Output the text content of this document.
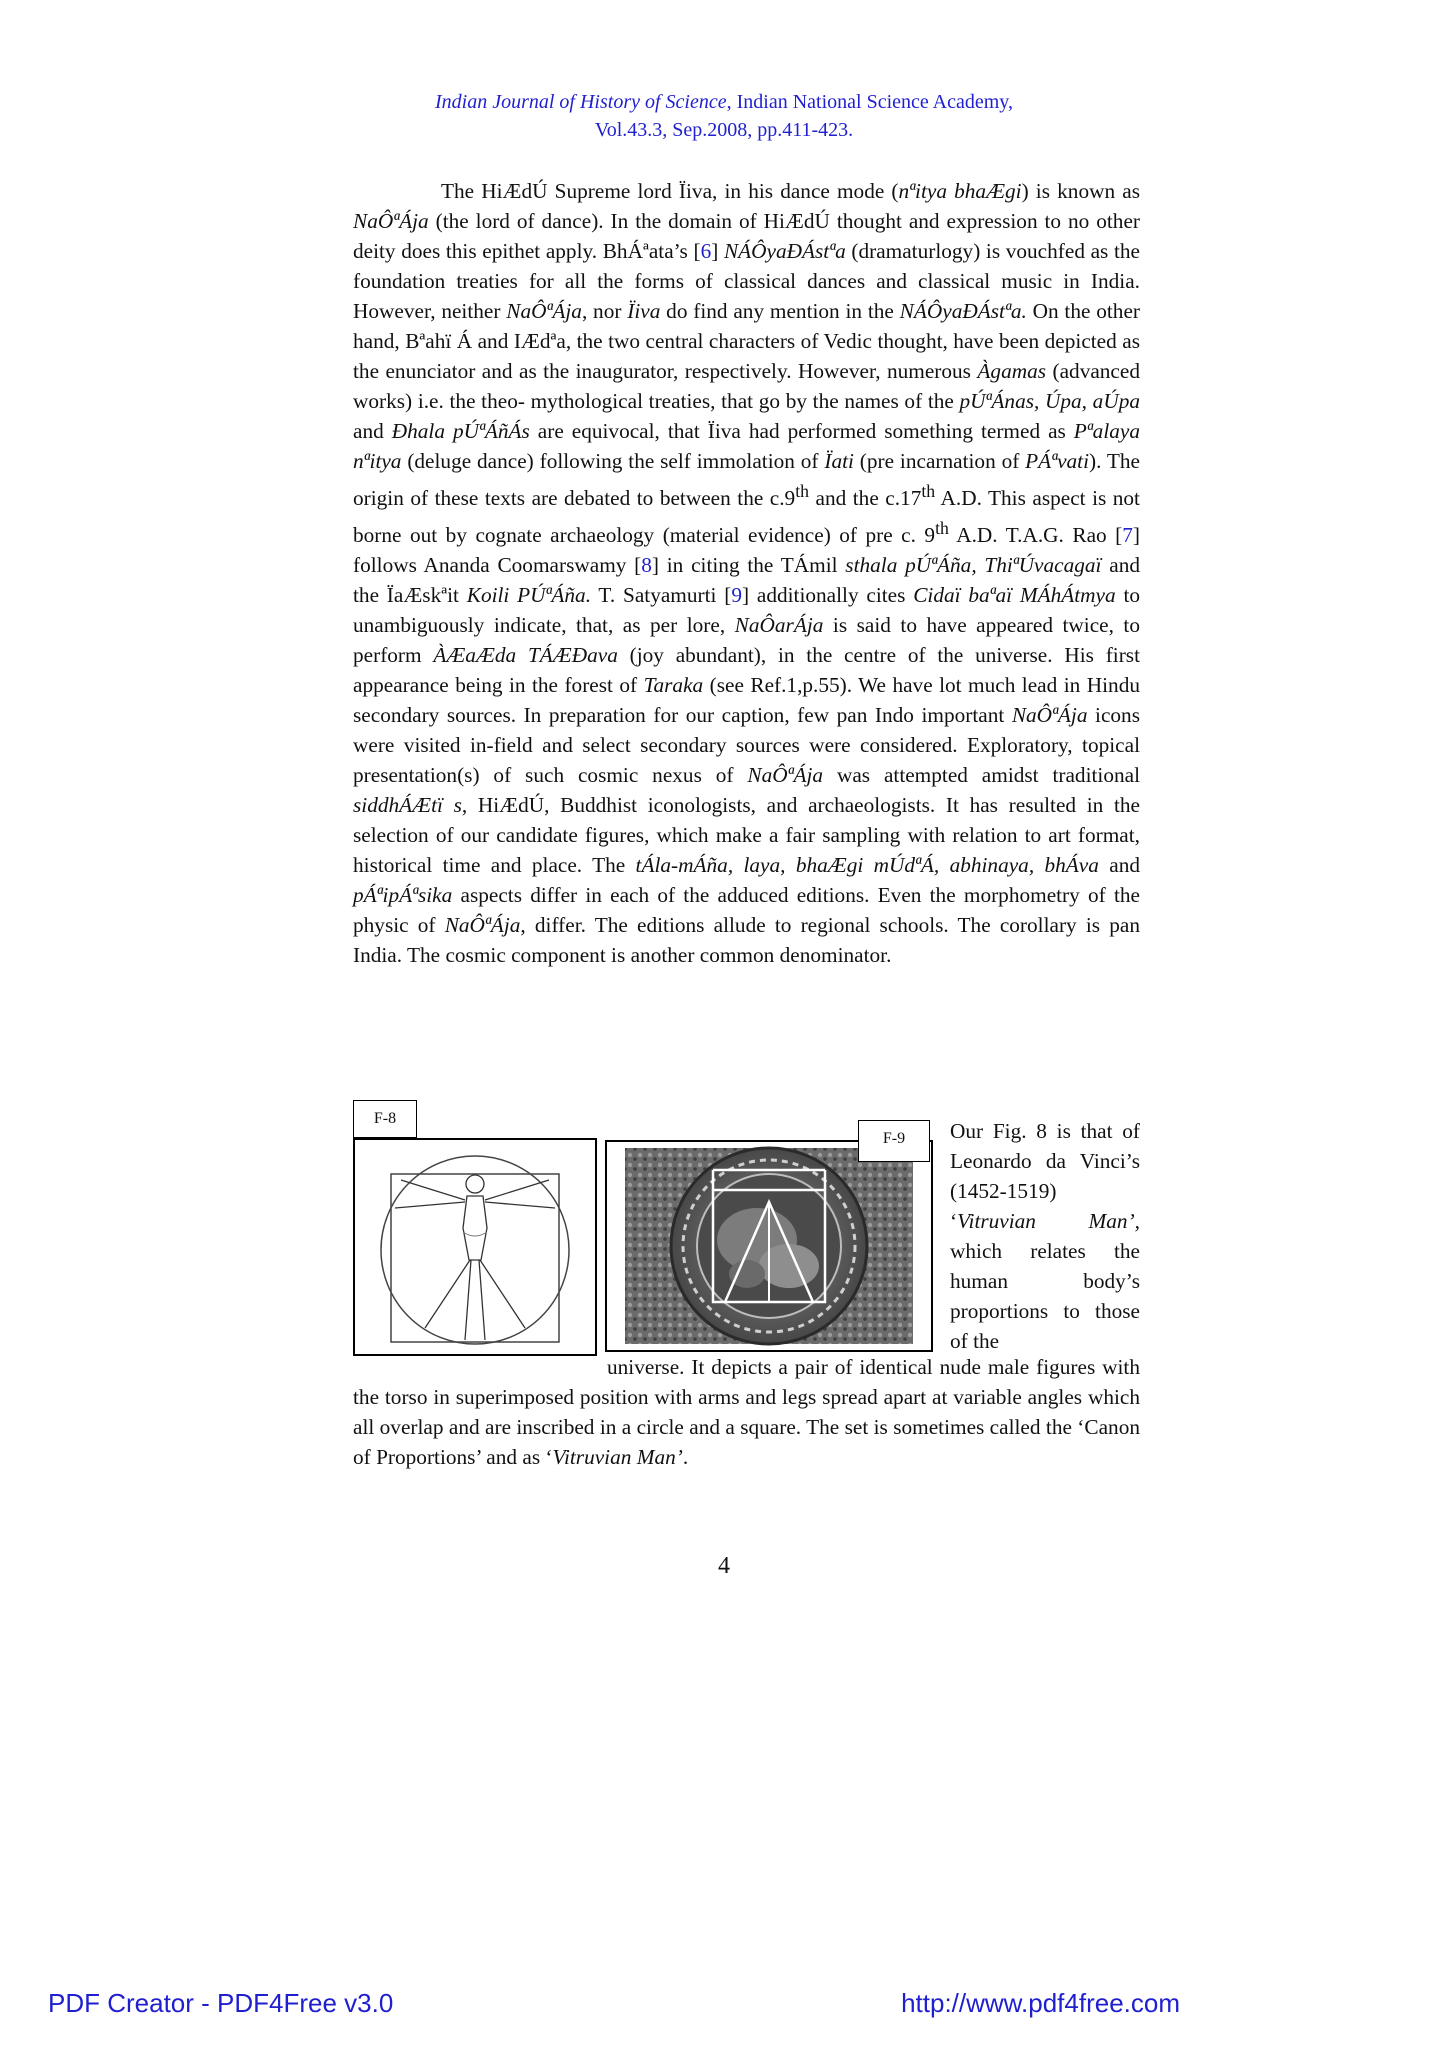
Indian Journal of History of Science, Indian National Science Academy,
Vol.43.3, Sep.2008, pp.411-423.

The HiÆdÚ Supreme lord Ïiva, in his dance mode (nªitya bhaÆgi) is known as NaÔªÁja (the lord of dance). In the domain of HiÆdÚ thought and expression to no other deity does this epithet apply. BhÁªata’s [6] NÁÔyaÐÁstªa (dramaturlogy) is vouchfed as the foundation treaties for all the forms of classical dances and classical music in India. However, neither NaÔªÁja, nor Ïiva do find any mention in the NÁÔyaÐÁstªa. On the other hand, Bªahï Á and IÆdªa, the two central characters of Vedic thought, have been depicted as the enunciator and as the inaugurator, respectively. However, numerous Àgamas (advanced works) i.e. the theo- mythological treaties, that go by the names of the pÚªÁnas, Úpa, aÚpa and Ðhala pÚªÁñÁs are equivocal, that Ïiva had performed something termed as Pªalaya nªitya (deluge dance) following the self immolation of Ïati (pre incarnation of PÁªvati). The origin of these texts are debated to between the c.9th and the c.17th A.D. This aspect is not borne out by cognate archaeology (material evidence) of pre c. 9th A.D. T.A.G. Rao [7] follows Ananda Coomarswamy [8] in citing the TÁmil sthala pÚªÁña, ThiªÚvacagaï and the ÏaÆskªit Koili PÚªÁña. T. Satyamurti [9] additionally cites Cidaï baªaï MÁhÁtmya to unambiguously indicate, that, as per lore, NaÔarÁja is said to have appeared twice, to perform ÀÆaÆda TÁÆÐava (joy abundant), in the centre of the universe. His first appearance being in the forest of Taraka (see Ref.1,p.55). We have lot much lead in Hindu secondary sources. In preparation for our caption, few pan Indo important NaÔªÁja icons were visited in-field and select secondary sources were considered. Exploratory, topical presentation(s) of such cosmic nexus of NaÔªÁja was attempted amidst traditional siddhÁÆtï s, HiÆdÚ, Buddhist iconologists, and archaeologists. It has resulted in the selection of our candidate figures, which make a fair sampling with relation to art format, historical time and place. The tÁla-mÁña, laya, bhaÆgi mÚdªÁ, abhinaya, bhÁva and pÁªipÁªsika aspects differ in each of the adduced editions. Even the morphometry of the physic of NaÔªÁja, differ. The editions allude to regional schools. The corollary is pan India. The cosmic component is another common denominator.

F-8
F-9	Our Fig. 8 is that of Leonardo da Vinci’s (1452-1519) ‘Vitruvian Man’, which relates the human body’s proportions to those of the
universe. It depicts a pair of identical nude male figures with the torso in superimposed position with arms and legs spread apart at variable angles which all overlap and are inscribed in a circle and a square. The set is sometimes called the ‘Canon of Proportions’ and as ‘Vitruvian Man’.
4
PDF Creator - PDF4Free v3.0	http://www.pdf4free.com
